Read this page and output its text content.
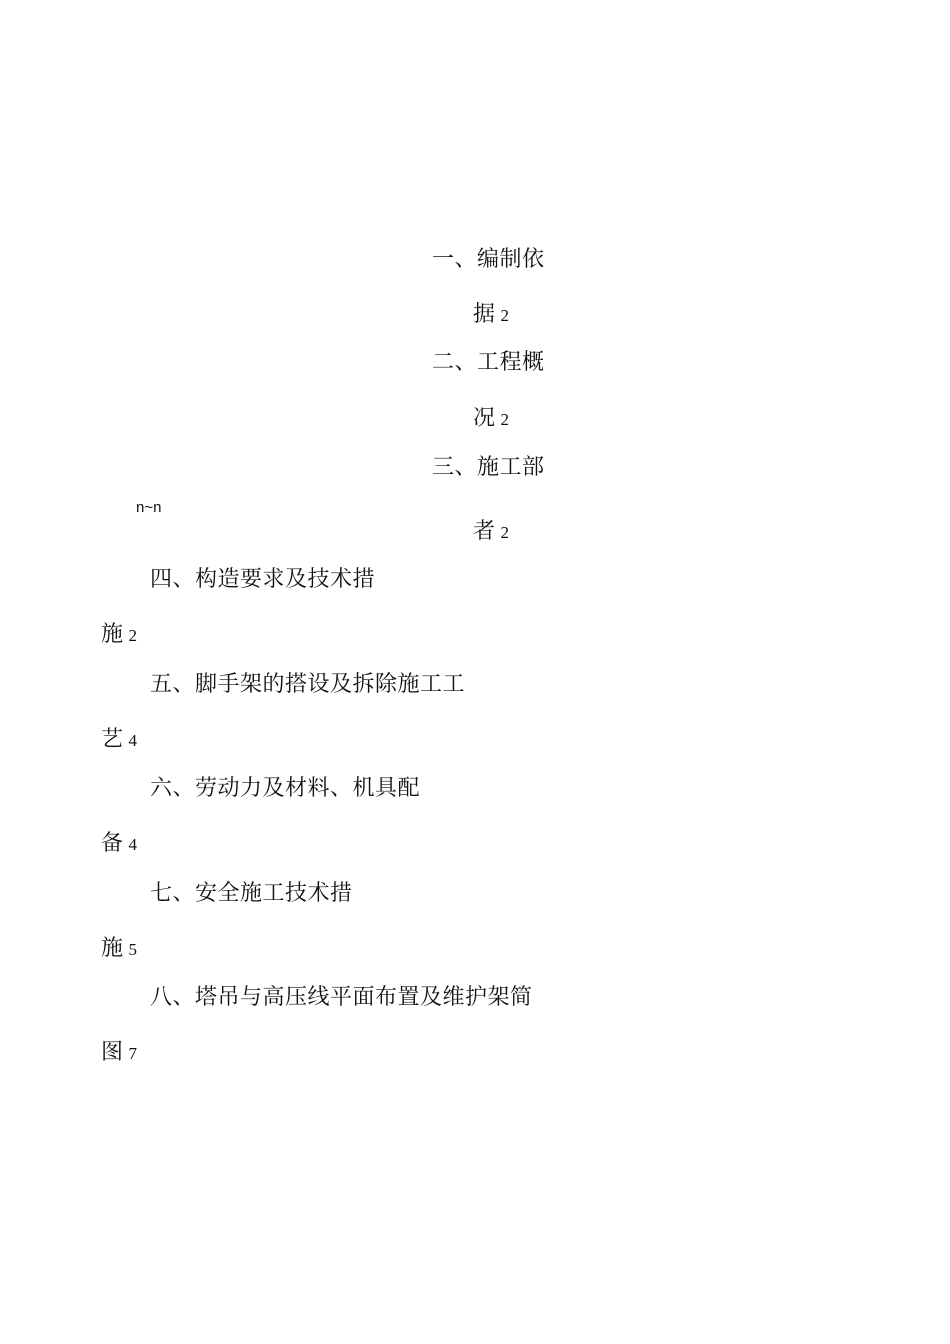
一、编制依
据 2
二、工程概
况 2
三、施工部
n~n
者 2
四、构造要求及技术措
施 2
五、脚手架的搭设及拆除施工工
艺 4
六、劳动力及材料、机具配
备 4
七、安全施工技术措
施 5
八、塔吊与高压线平面布置及维护架简
图 7
